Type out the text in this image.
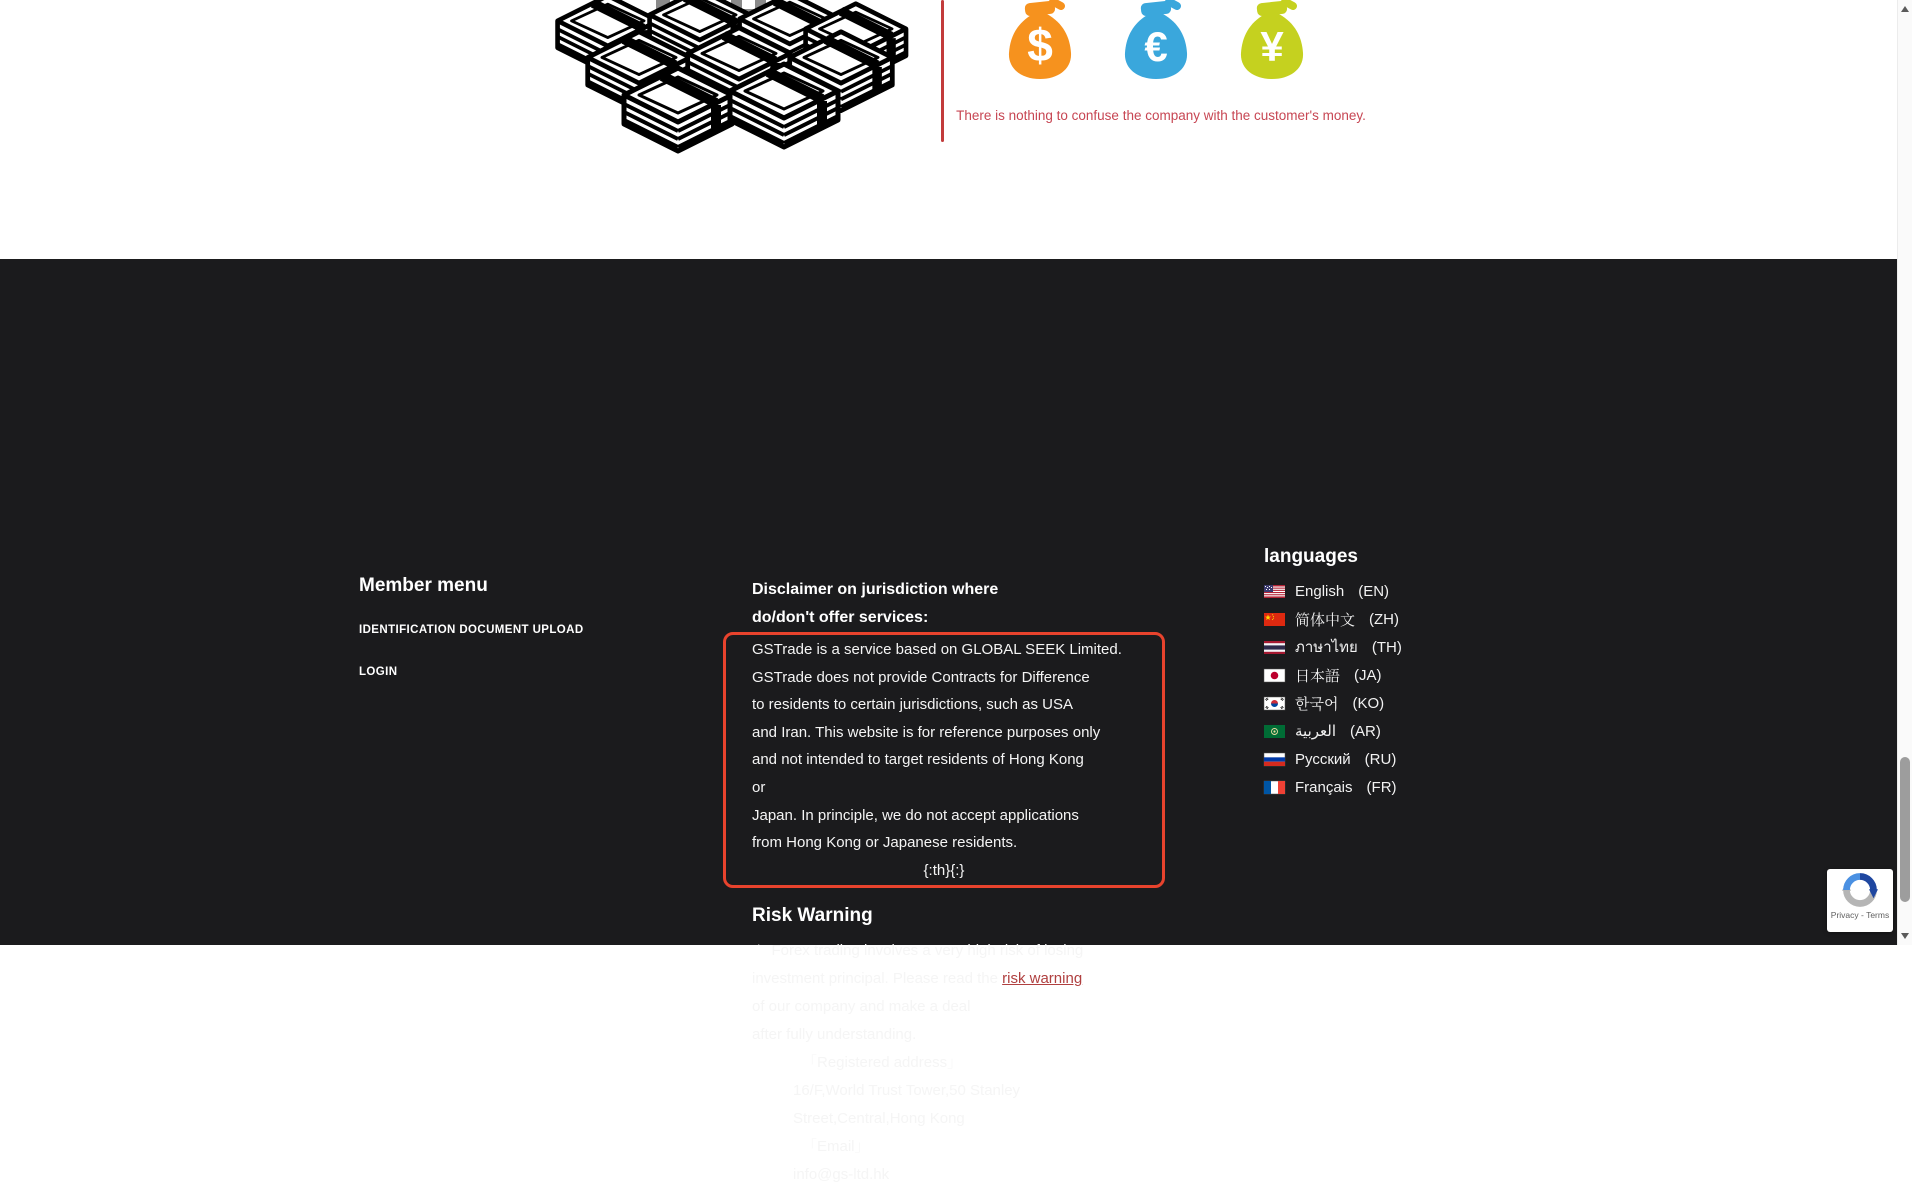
$ € ¥
There is nothing to confuse the company with the customer's money.
Member menu
IDENTIFICATION DOCUMENT UPLOAD
LOGIN
Disclaimer on jurisdiction where
do/don't offer services:
GSTrade is a service based on GLOBAL SEEK Limited.
GSTrade does not provide Contracts for Difference
to residents to certain jurisdictions, such as USA
and Iran. This website is for reference purposes only
and not intended to target residents of Hong Kong
or
Japan. In principle, we do not accept applications
from Hong Kong or Japanese residents.
{:th}{:}
Risk Warning
⚠ Forex trading involves a very high risk of losing
investment principal. Please read the risk warning
of our company and make a deal
after fully understanding.
「Registered address」
16/F,World Trust Tower,50 Stanley
Street,Central,Hong Kong
「Email」
info@gs-ltd.hk
languages
English (EN)
简体中文 (ZH)
ภาษาไทย (TH)
日本語 (JA)
한국어 (KO)
العربية (AR)
Русский (RU)
Français (FR)
Privacy - Terms
